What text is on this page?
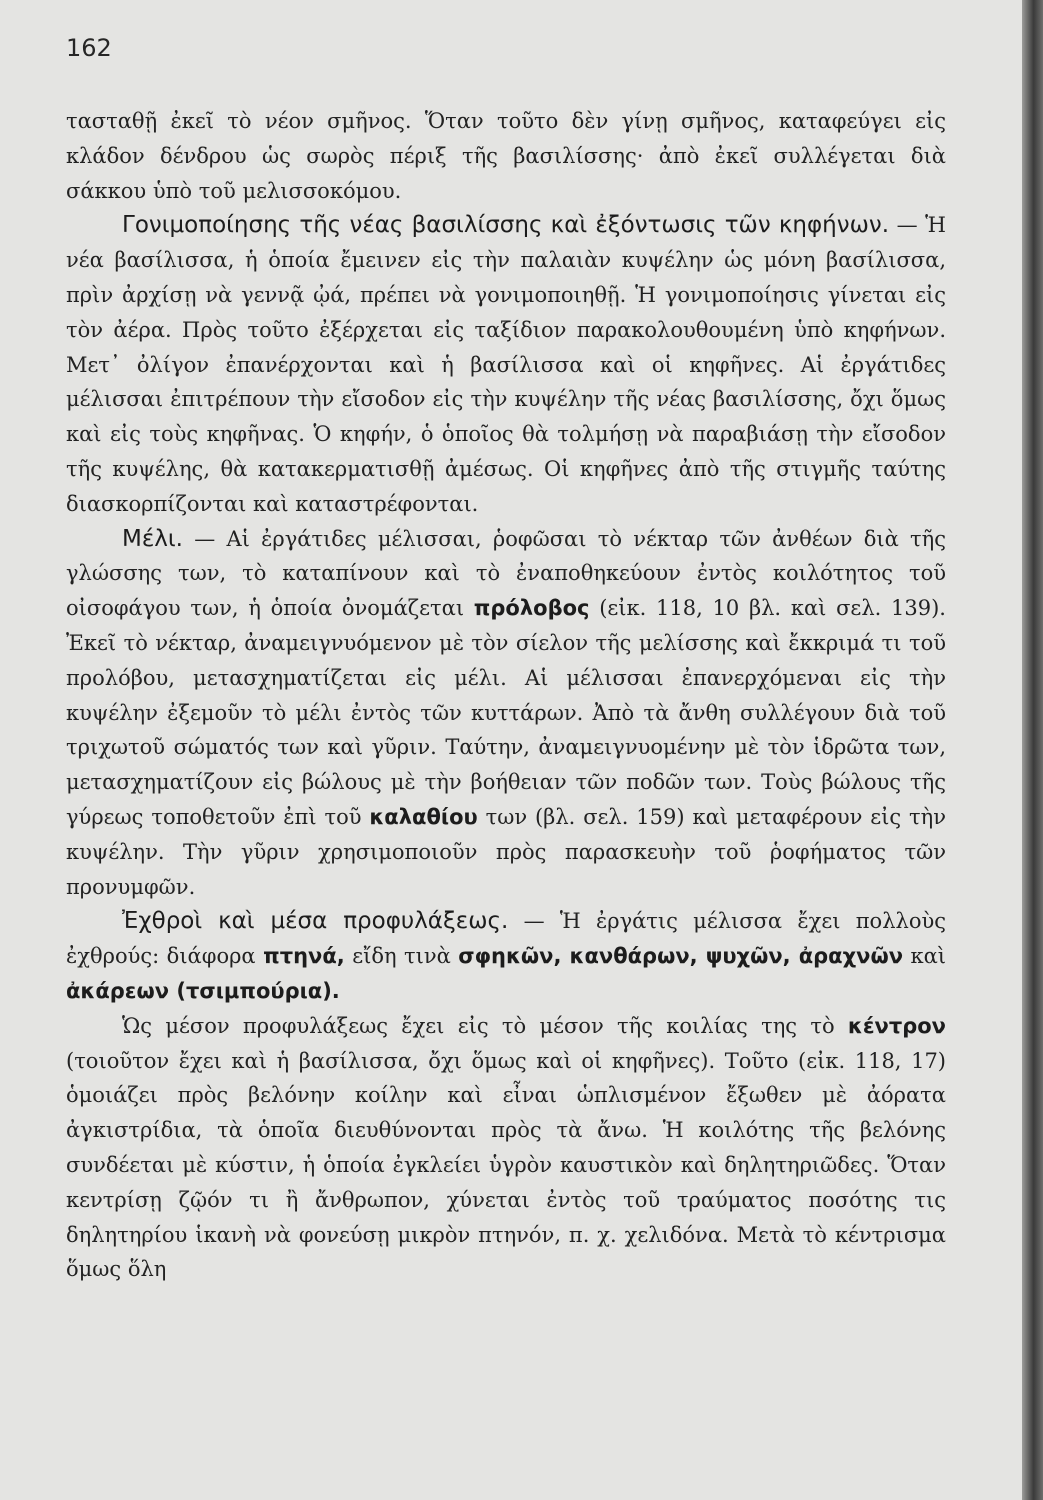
162

τασταθῇ ἐκεῖ τὸ νέον σμῆνος. Ὅταν τοῦτο δὲν γίνῃ σμῆνος, καταφεύγει εἰς κλάδον δένδρου ὡς σωρὸς πέριξ τῆς βασιλίσσης· ἀπὸ ἐκεῖ συλλέγεται διὰ σάκκου ὑπὸ τοῦ μελισσοκόμου.

Γονιμοποίησης τῆς νέας βασιλίσσης καὶ ἐξόντωσις τῶν κηφήνων. — Ἡ νέα βασίλισσα, ἡ ὁποία ἔμεινεν εἰς τὴν παλαιὰν κυψέλην ὡς μόνη βασίλισσα, πρὶν ἀρχίσῃ νὰ γεννᾷ ᾠά, πρέπει νὰ γονιμοποιηθῇ. Ἡ γονιμοποίησις γίνεται εἰς τὸν ἀέρα. Πρὸς τοῦτο ἐξέρχεται εἰς ταξίδιον παρακολουθουμένη ὑπὸ κηφήνων. Μετ᾽ ὀλίγον ἐπανέρχονται καὶ ἡ βασίλισσα καὶ οἱ κηφῆνες. Αἱ ἐργάτιδες μέλισσαι ἐπιτρέπουν τὴν εἴσοδον εἰς τὴν κυψέλην τῆς νέας βασιλίσσης, ὄχι ὅμως καὶ εἰς τοὺς κηφῆνας. Ὁ κηφήν, ὁ ὁποῖος θὰ τολμήσῃ νὰ παραβιάσῃ τὴν εἴσοδον τῆς κυψέλης, θὰ κατακερματισθῇ ἀμέσως. Οἱ κηφῆνες ἀπὸ τῆς στιγμῆς ταύτης διασκορπίζονται καὶ καταστρέφονται.

Μέλι. — Αἱ ἐργάτιδες μέλισσαι, ῥοφῶσαι τὸ νέκταρ τῶν ἀνθέων διὰ τῆς γλώσσης των, τὸ καταπίνουν καὶ τὸ ἐναποθηκεύουν ἐντὸς κοιλότητος τοῦ οἰσοφάγου των, ἡ ὁποία ὀνομάζεται πρόλοβος (εἰκ. 118, 10 βλ. καὶ σελ. 139). Ἐκεῖ τὸ νέκταρ, ἀναμειγνυόμενον μὲ τὸν σίελον τῆς μελίσσης καὶ ἔκκριμά τι τοῦ προλόβου, μετασχηματίζεται εἰς μέλι. Αἱ μέλισσαι ἐπανερχόμεναι εἰς τὴν κυψέλην ἐξεμοῦν τὸ μέλι ἐντὸς τῶν κυττάρων. Ἀπὸ τὰ ἄνθη συλλέγουν διὰ τοῦ τριχωτοῦ σώματός των καὶ γῦριν. Ταύτην, ἀναμειγνυομένην μὲ τὸν ἱδρῶτα των, μετασχηματίζουν εἰς βώλους μὲ τὴν βοήθειαν τῶν ποδῶν των. Τοὺς βώλους τῆς γύρεως τοποθετοῦν ἐπὶ τοῦ καλαθίου των (βλ. σελ. 159) καὶ μεταφέρουν εἰς τὴν κυψέλην. Τὴν γῦριν χρησιμοποιοῦν πρὸς παρασκευὴν τοῦ ῥοφήματος τῶν προνυμφῶν.

Ἐχθροὶ καὶ μέσα προφυλάξεως. — Ἡ ἐργάτις μέλισσα ἔχει πολλοὺς ἐχθρούς: διάφορα πτηνά, εἴδη τινὰ σφηκῶν, κανθάρων, ψυχῶν, ἀραχνῶν καὶ ἀκάρεων (τσιμπούρια).

Ὡς μέσον προφυλάξεως ἔχει εἰς τὸ μέσον τῆς κοιλίας της τὸ κέντρον (τοιοῦτον ἔχει καὶ ἡ βασίλισσα, ὄχι ὅμως καὶ οἱ κηφῆνες). Τοῦτο (εἰκ. 118, 17) ὁμοιάζει πρὸς βελόνην κοίλην καὶ εἶναι ὡπλισμένον ἔξωθεν μὲ ἀόρατα ἀγκιστρίδια, τὰ ὁποῖα διευθύνονται πρὸς τὰ ἄνω. Ἡ κοιλότης τῆς βελόνης συνδέεται μὲ κύστιν, ἡ ὁποία ἐγκλείει ὑγρὸν καυστικὸν καὶ δηλητηριῶδες. Ὅταν κεντρίσῃ ζῷόν τι ἢ ἄνθρωπον, χύνεται ἐντὸς τοῦ τραύματος ποσότης τις δηλητηρίου ἱκανὴ νὰ φονεύσῃ μικρὸν πτηνόν, π. χ. χελιδόνα. Μετὰ τὸ κέντρισμα ὅμως ὅλη
